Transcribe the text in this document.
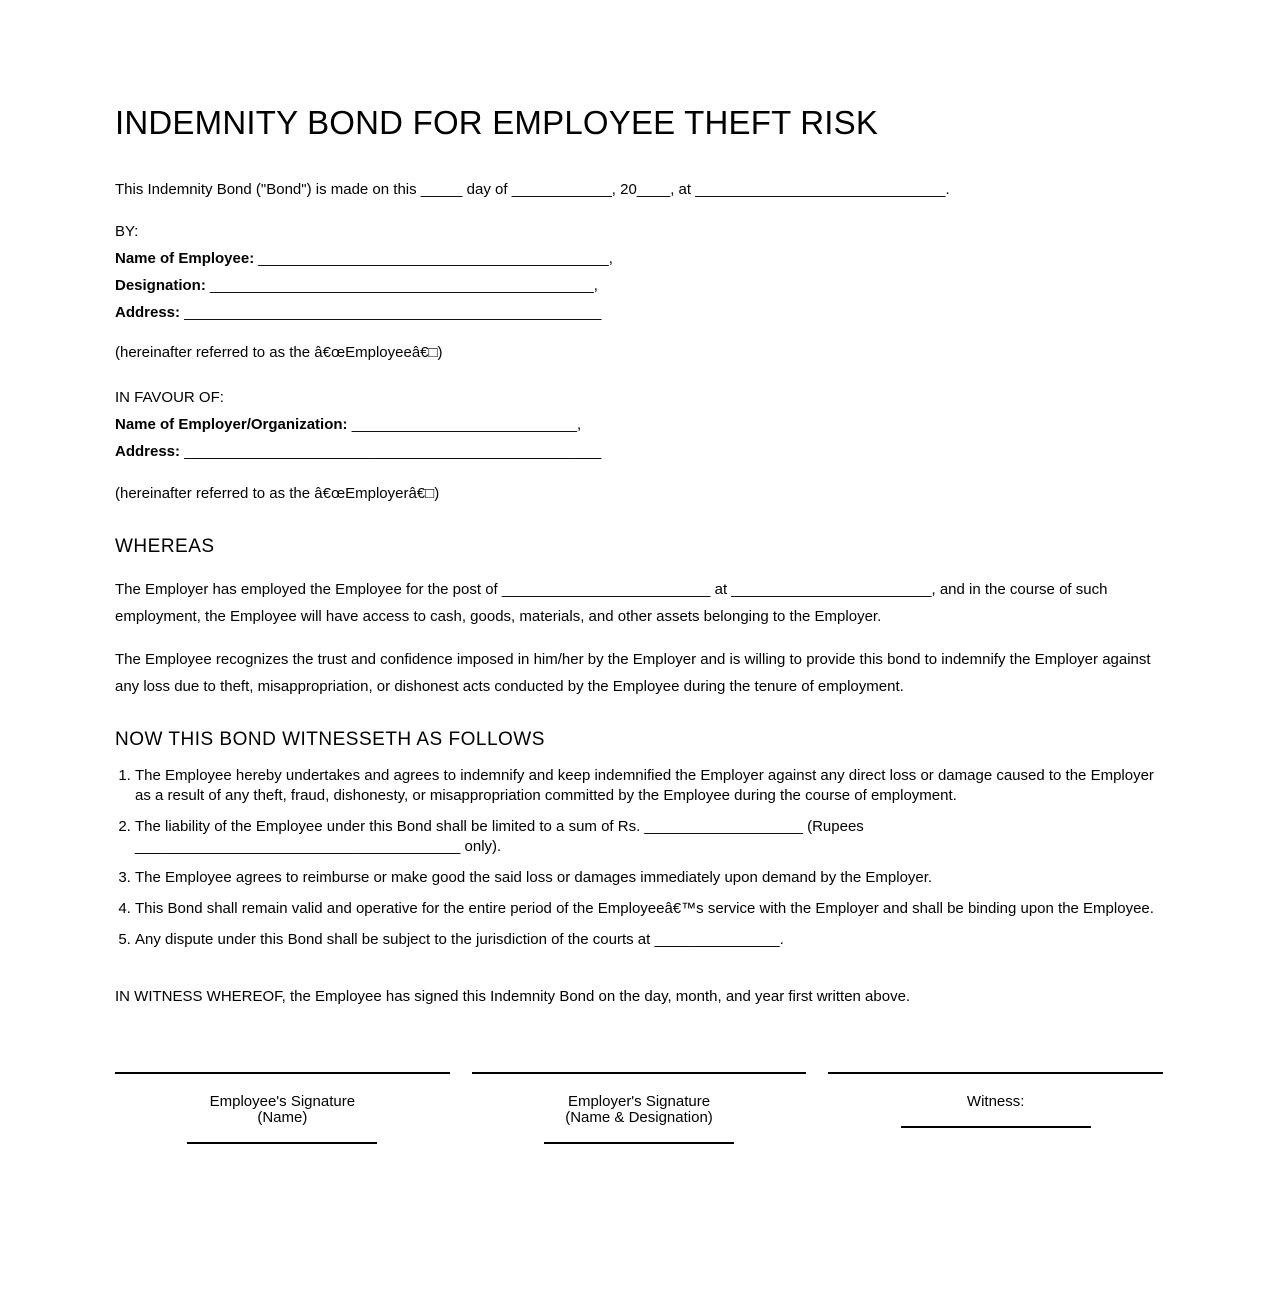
INDEMNITY BOND FOR EMPLOYEE THEFT RISK
This Indemnity Bond ("Bond") is made on this _____ day of ____________, 20____, at ______________________________.
BY:
Name of Employee: __________________________________________,
Designation: ______________________________________________,
Address: __________________________________________________
(hereinafter referred to as the â€œEmployeeâ€□)
IN FAVOUR OF:
Name of Employer/Organization: ___________________________,
Address: __________________________________________________
(hereinafter referred to as the â€œEmployerâ€□)
WHEREAS
The Employer has employed the Employee for the post of _________________________ at ________________________, and in the course of such employment, the Employee will have access to cash, goods, materials, and other assets belonging to the Employer.
The Employee recognizes the trust and confidence imposed in him/her by the Employer and is willing to provide this bond to indemnify the Employer against any loss due to theft, misappropriation, or dishonest acts conducted by the Employee during the tenure of employment.
NOW THIS BOND WITNESSETH AS FOLLOWS
1. The Employee hereby undertakes and agrees to indemnify and keep indemnified the Employer against any direct loss or damage caused to the Employer as a result of any theft, fraud, dishonesty, or misappropriation committed by the Employee during the course of employment.
2. The liability of the Employee under this Bond shall be limited to a sum of Rs. ___________________ (Rupees _______________________________________ only).
3. The Employee agrees to reimburse or make good the said loss or damages immediately upon demand by the Employer.
4. This Bond shall remain valid and operative for the entire period of the Employeeâ€™s service with the Employer and shall be binding upon the Employee.
5. Any dispute under this Bond shall be subject to the jurisdiction of the courts at _______________.
IN WITNESS WHEREOF, the Employee has signed this Indemnity Bond on the day, month, and year first written above.
Employee's Signature
(Name)
Employer's Signature
(Name & Designation)
Witness:
